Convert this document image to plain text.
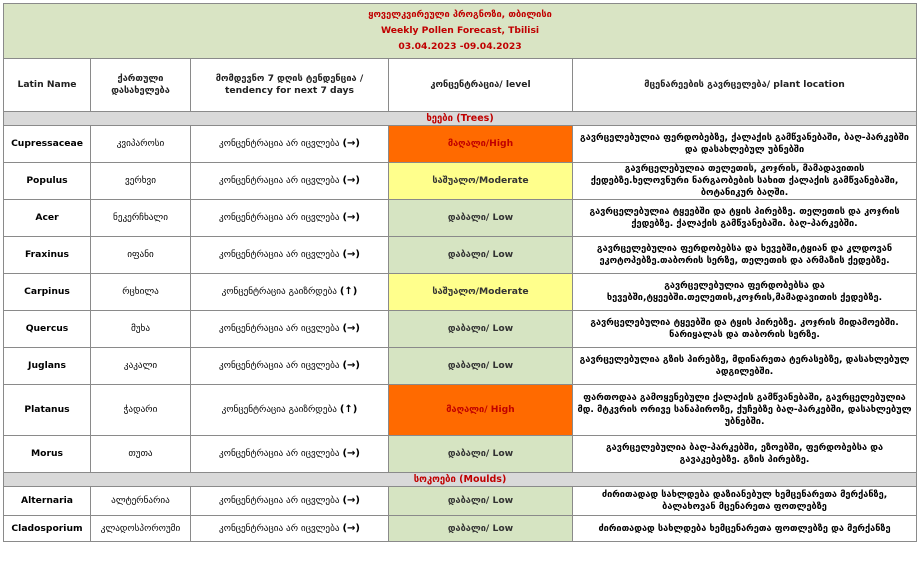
ყოველკვირეული პროგნოზი, თბილისი
Weekly Pollen Forecast, Tbilisi
03.04.2023 -09.04.2023				

Latin Name	ქართული დასახელება	მომდევნო 7 დღის ტენდენცია / tendency for next 7 days	კონცენტრაცია/ level	მცენარეების გავრცელება/ plant location
ხეები (Trees)				
Cupressaceae	კვიპაროსი	კონცენტრაცია არ იცვლება (→)	მაღალი/High	გავრცელებულია ფერდობებზე, ქალაქის გამწვანებაში, ბაღ-პარკებში და დასახლებულ უბნებში
Populus	ვერხვი	კონცენტრაცია არ იცვლება (→)	საშუალო/Moderate	გავრცელებულია თელეთის, კოჯრის, მამადავითის ქედებზე.ხელოვნური ნარგაობების სახით ქალაქის გამწვანებაში, ბოტანიკურ ბაღში.
Acer	ნეკერჩხალი	კონცენტრაცია არ იცვლება (→)	დაბალი/ Low	გავრცელებულია ტყეებში და ტყის პირებზე. თელეთის და კოჯრის ქედებზე. ქალაქის გამწვანებაში. ბაღ-პარკებში.
Fraxinus	იფანი	კონცენტრაცია არ იცვლება (→)	დაბალი/ Low	გავრცელებულია ფერდობებსა და ხევებში,ტყიან და კლდოვან ეკოტოპებზე.თაბორის სერზე, თელეთის და არმაზის ქედებზე.
Carpinus	რცხილა	კონცენტრაცია გაიზრდება (↑)	საშუალო/Moderate	გავრცელებულია ფერდობებსა და ხევებში,ტყეებში.თელეთის,კოჯრის,მამადავითის ქედებზე.
Quercus	მუხა	კონცენტრაცია არ იცვლება (→)	დაბალი/ Low	გავრცელებულია ტყეებში და ტყის პირებზე. კოჯრის მიდამოებში. ნარიყალას და თაბორის სერზე.
Juglans	კაკალი	კონცენტრაცია არ იცვლება (→)	დაბალი/ Low	გავრცელებულია გზის პირებზე, მდინარეთა ტერასებზე, დასახლებულ ადგილებში.
Platanus	ჭადარი	კონცენტრაცია გაიზრდება (↑)	მაღალი/ High	ფართოდაა გამოყენებული ქალაქის გამწვანებაში, გავრცელებულია მდ. მტკვრის ორივე სანაპიროზე, ქუჩებზე ბაღ-პარკებში, დასახლებულ უბნებში.
Morus	თუთა	კონცენტრაცია არ იცვლება (→)	დაბალი/ Low	გავრცელებულია ბაღ-პარკებში, ეზოებში, ფერდობებსა და გავაკებებზე. გზის პირებზე.
სოკოები (Moulds)				
Alternaria	ალტერნარია	კონცენტრაცია არ იცვლება (→)	დაბალი/ Low	ძირითადად სახლდება დაზიანებულ ხემცენარეთა მერქანზე, ბალახოვან მცენარეთა ფოთლებზე
Cladosporium	კლადოსპოროუმი	კონცენტრაცია არ იცვლება (→)	დაბალი/ Low	ძირითადად სახლდება ხემცენარეთა ფოთლებზე და მერქანზე
